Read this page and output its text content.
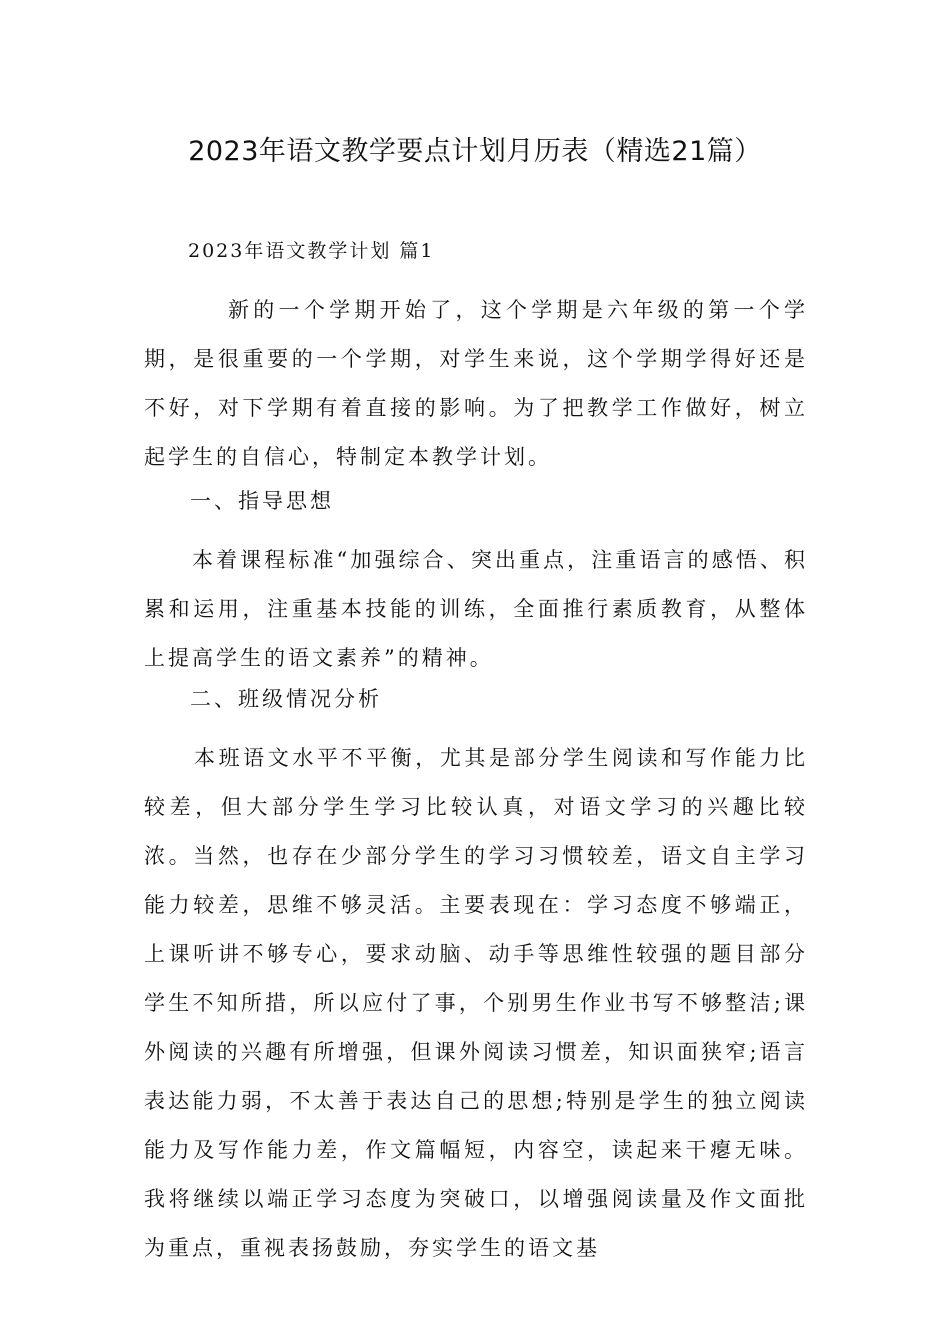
2023年语文教学要点计划月历表（精选21篇）
2023年语文教学计划 篇1

新的一个学期开始了，这个学期是六年级的第一个学期，是很重要的一个学期，对学生来说，这个学期学得好还是不好，对下学期有着直接的影响。为了把教学工作做好，树立起学生的自信心，特制定本教学计划。

一、指导思想

本着课程标准“加强综合、突出重点，注重语言的感悟、积累和运用，注重基本技能的训练，全面推行素质教育，从整体上提高学生的语文素养”的精神。

二、班级情况分析

本班语文水平不平衡，尤其是部分学生阅读和写作能力比较差，但大部分学生学习比较认真，对语文学习的兴趣比较浓。当然，也存在少部分学生的学习习惯较差，语文自主学习能力较差，思维不够灵活。主要表现在：学习态度不够端正，上课听讲不够专心，要求动脑、动手等思维性较强的题目部分学生不知所措，所以应付了事，个别男生作业书写不够整洁;课外阅读的兴趣有所增强，但课外阅读习惯差，知识面狭窄;语言表达能力弱，不太善于表达自己的思想;特别是学生的独立阅读能力及写作能力差，作文篇幅短，内容空，读起来干瘪无味。我将继续以端正学习态度为突破口，以增强阅读量及作文面批为重点，重视表扬鼓励，夯实学生的语文基
